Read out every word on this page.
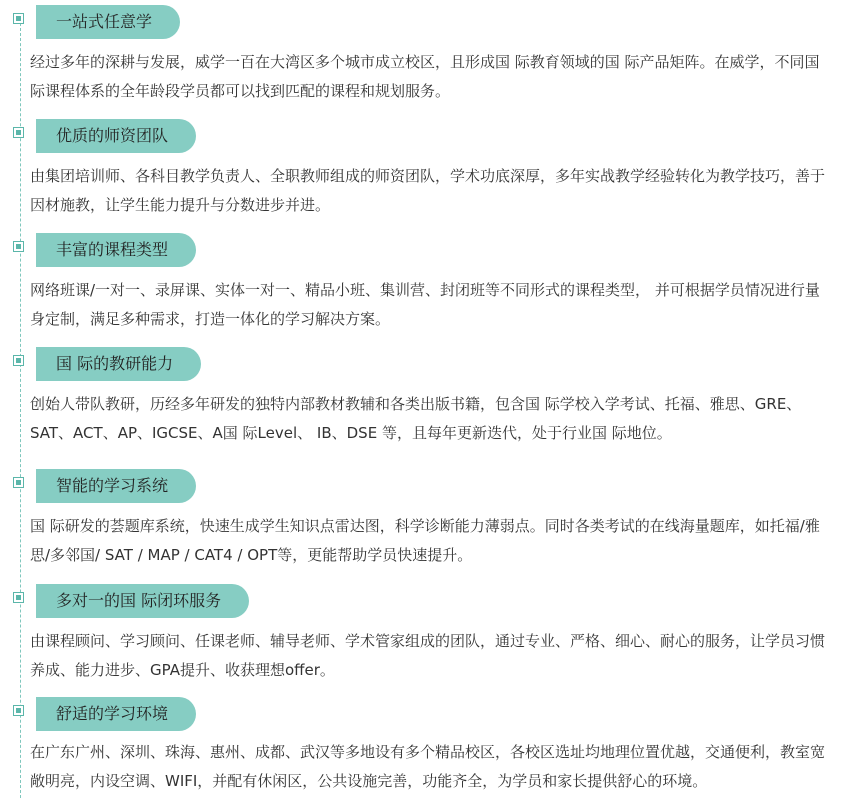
一站式任意学
经过多年的深耕与发展，威学一百在大湾区多个城市成立校区，且形成国 际教育领域的国 际产品矩阵。在威学，不同国 际课程体系的全年龄段学员都可以找到匹配的课程和规划服务。
优质的师资团队
由集团培训师、各科目教学负责人、全职教师组成的师资团队，学术功底深厚，多年实战教学经验转化为教学技巧，善于因材施教，让学生能力提升与分数进步并进。
丰富的课程类型
网络班课/一对一、录屏课、实体一对一、精品小班、集训营、封闭班等不同形式的课程类型， 并可根据学员情况进行量身定制，满足多种需求，打造一体化的学习解决方案。
国 际的教研能力
创始人带队教研，历经多年研发的独特内部教材教辅和各类出版书籍，包含国 际学校入学考试、托福、雅思、GRE、SAT、ACT、AP、IGCSE、A国 际Level、 IB、DSE 等，且每年更新迭代，处于行业国 际地位。
智能的学习系统
国 际研发的荟题库系统，快速生成学生知识点雷达图，科学诊断能力薄弱点。同时各类考试的在线海量题库，如托福/雅思/多邻国/ SAT / MAP / CAT4 / OPT等，更能帮助学员快速提升。
多对一的国 际闭环服务
由课程顾问、学习顾问、任课老师、辅导老师、学术管家组成的团队，通过专业、严格、细心、耐心的服务，让学员习惯养成、能力进步、GPA提升、收获理想offer。
舒适的学习环境
在广东广州、深圳、珠海、惠州、成都、武汉等多地设有多个精品校区，各校区选址均地理位置优越，交通便利，教室宽敞明亮，内设空调、WIFI，并配有休闲区，公共设施完善，功能齐全，为学员和家长提供舒心的环境。
